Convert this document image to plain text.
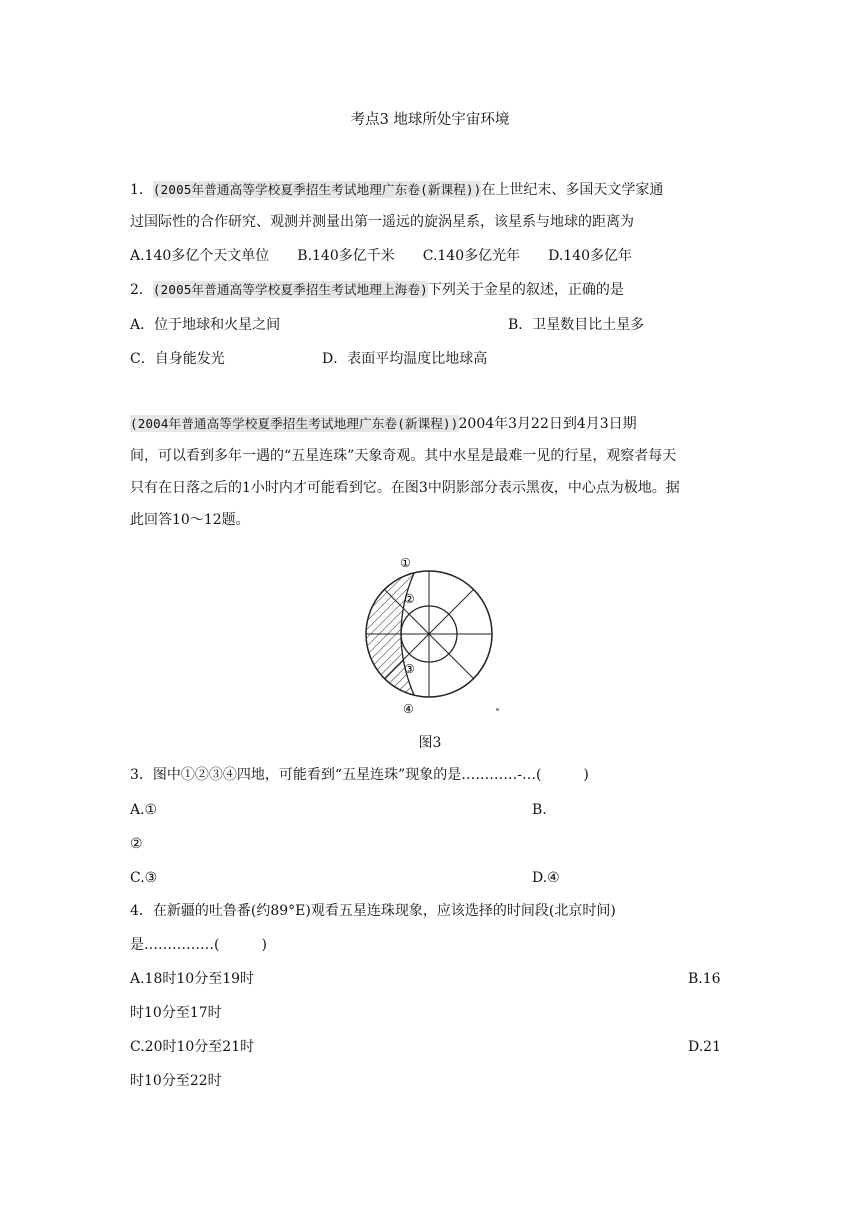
考点3 地球所处宇宙环境
1．(2005年普通高等学校夏季招生考试地理广东卷(新课程))在上世纪末、多国天文学家通
过国际性的合作研究、观测并测量出第一遥远的旋涡星系，该星系与地球的距离为
A.140多亿个天文单位　　B.140多亿千米　　C.140多亿光年　　D.140多亿年
2．(2005年普通高等学校夏季招生考试地理上海卷)下列关于金星的叙述，正确的是
A．位于地球和火星之间	B．卫星数目比土星多
C．自身能发光	D．表面平均温度比地球高
(2004年普通高等学校夏季招生考试地理广东卷(新课程))2004年3月22日到4月3日期
间，可以看到多年一遇的“五星连珠”天象奇观。其中水星是最难一见的行星，观察者每天
只有在日落之后的1小时内才可能看到它。在图3中阴影部分表示黑夜，中心点为极地。据
此回答10～12题。
①
②
③
④
图3
3．图中①②③④四地，可能看到“五星连珠”现象的是…………-…(　　　)
A.①	B.
②
C.③	D.④
4．在新疆的吐鲁番(约89°E)观看五星连珠现象，应该选择的时间段(北京时间)
是……………(　　　)
A.18时10分至19时	B.16
时10分至17时
C.20时10分至21时	D.21
时10分至22时
